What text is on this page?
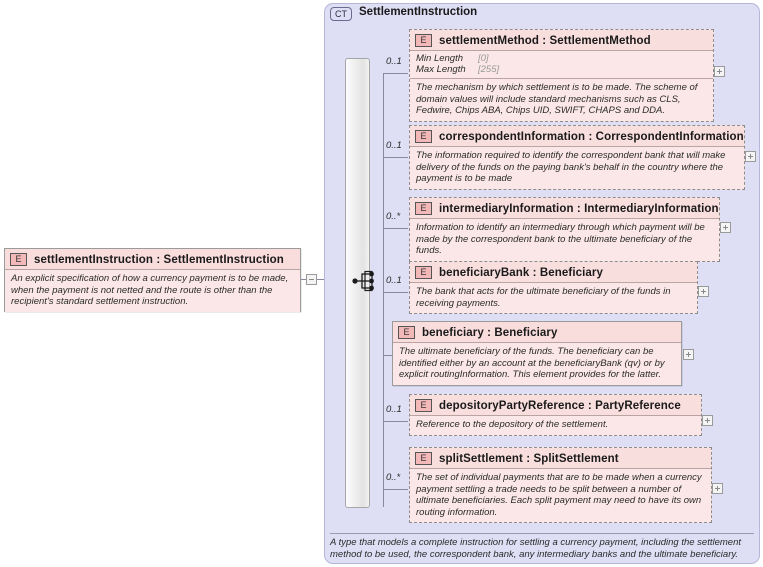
E	settlementInstruction : SettlementInstruction
An explicit specification of how a currency payment is to be made, when the payment is not netted and the route is other than the recipient's standard settlement instruction.
CT	SettlementInstruction
0..1
E	settlementMethod : SettlementMethod
Min Length	[0]
Max Length	[255]
The mechanism by which settlement is to be made. The scheme of domain values will include standard mechanisms such as CLS, Fedwire, Chips ABA, Chips UID, SWIFT, CHAPS and DDA.
0..1
E	correspondentInformation : CorrespondentInformation
The information required to identify the correspondent bank that will make delivery of the funds on the paying bank's behalf in the country where the payment is to be made
0..*
E	intermediaryInformation : IntermediaryInformation
Information to identify an intermediary through which payment will be made by the correspondent bank to the ultimate beneficiary of the funds.
0..1
E	beneficiaryBank : Beneficiary
The bank that acts for the ultimate beneficiary of the funds in receiving payments.
E	beneficiary : Beneficiary
The ultimate beneficiary of the funds. The beneficiary can be identified either by an account at the beneficiaryBank (qv) or by explicit routingInformation. This element provides for the latter.
0..1	E	depositoryPartyReference : PartyReference
Reference to the depository of the settlement.
0..*
E	splitSettlement : SplitSettlement
The set of individual payments that are to be made when a currency payment settling a trade needs to be split between a number of ultimate beneficiaries. Each split payment may need to have its own routing information.
A type that models a complete instruction for settling a currency payment, including the settlement method to be used, the correspondent bank, any intermediary banks and the ultimate beneficiary.
